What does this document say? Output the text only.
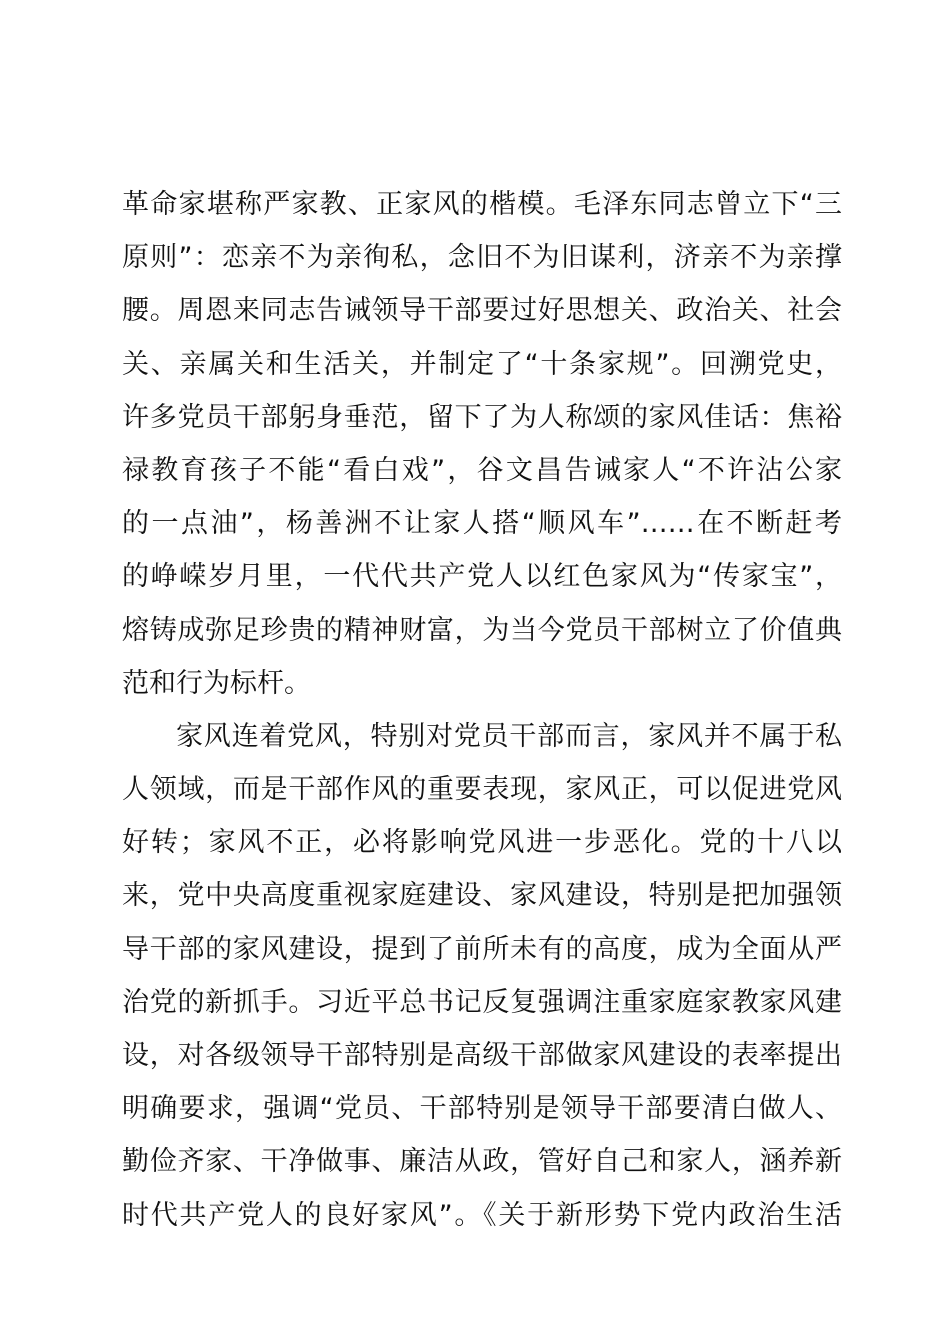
革命家堪称严家教、正家风的楷模。毛泽东同志曾立下“三
原则”：恋亲不为亲徇私，念旧不为旧谋利，济亲不为亲撑
腰。周恩来同志告诫领导干部要过好思想关、政治关、社会
关、亲属关和生活关，并制定了“十条家规”。回溯党史，
许多党员干部躬身垂范，留下了为人称颂的家风佳话：焦裕
禄教育孩子不能“看白戏”，谷文昌告诫家人“不许沾公家
的一点油”，杨善洲不让家人搭“顺风车”……在不断赶考
的峥嵘岁月里，一代代共产党人以红色家风为“传家宝”，
熔铸成弥足珍贵的精神财富，为当今党员干部树立了价值典
范和行为标杆。
家风连着党风，特别对党员干部而言，家风并不属于私
人领域，而是干部作风的重要表现，家风正，可以促进党风
好转；家风不正，必将影响党风进一步恶化。党的十八以
来，党中央高度重视家庭建设、家风建设，特别是把加强领
导干部的家风建设，提到了前所未有的高度，成为全面从严
治党的新抓手。习近平总书记反复强调注重家庭家教家风建
设，对各级领导干部特别是高级干部做家风建设的表率提出
明确要求，强调“党员、干部特别是领导干部要清白做人、
勤俭齐家、干净做事、廉洁从政，管好自己和家人，涵养新
时代共产党人的良好家风”。《关于新形势下党内政治生活
